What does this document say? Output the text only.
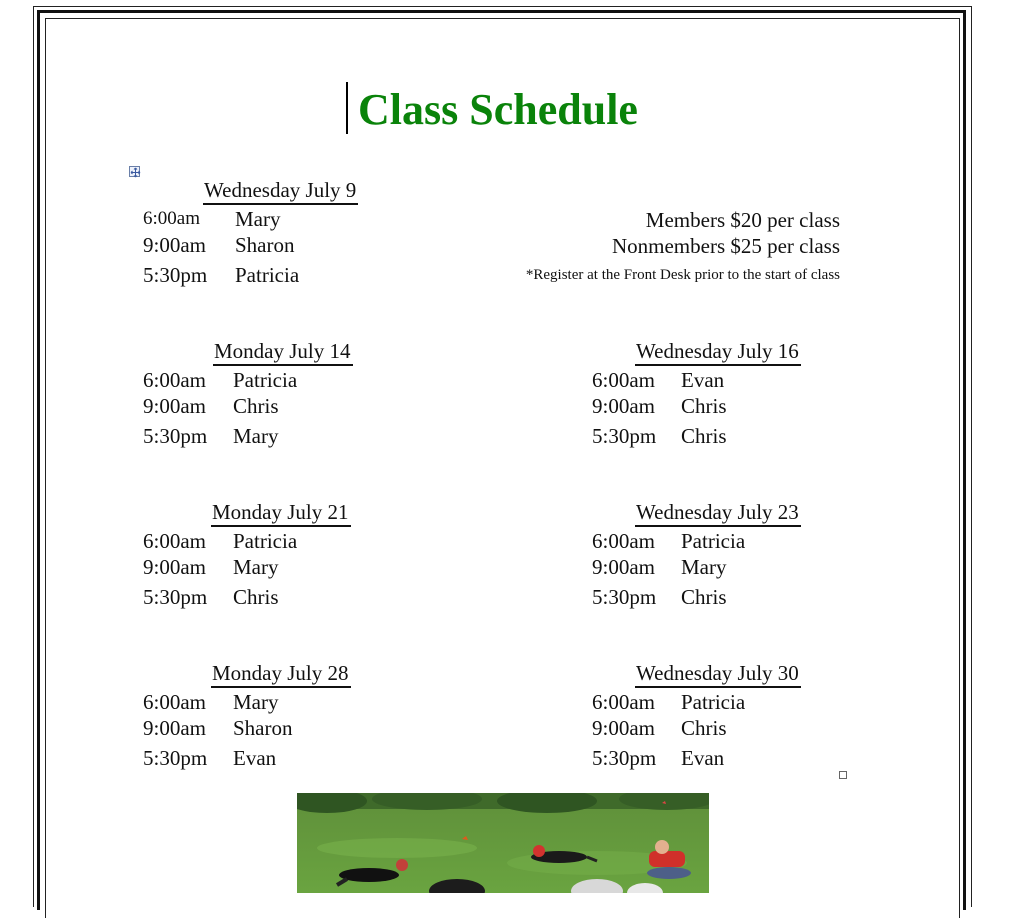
Class Schedule
Wednesday July 9
6:00am Mary
9:00am Sharon
5:30pm Patricia
Members $20 per class
Nonmembers $25 per class
*Register at the Front Desk prior to the start of class
Monday July 14
6:00am Patricia
9:00am Chris
5:30pm Mary
Wednesday July 16
6:00am Evan
9:00am Chris
5:30pm Chris
Monday July 21
6:00am Patricia
9:00am Mary
5:30pm Chris
Wednesday July 23
6:00am Patricia
9:00am Mary
5:30pm Chris
Monday July 28
6:00am Mary
9:00am Sharon
5:30pm Evan
Wednesday July 30
6:00am Patricia
9:00am Chris
5:30pm Evan
